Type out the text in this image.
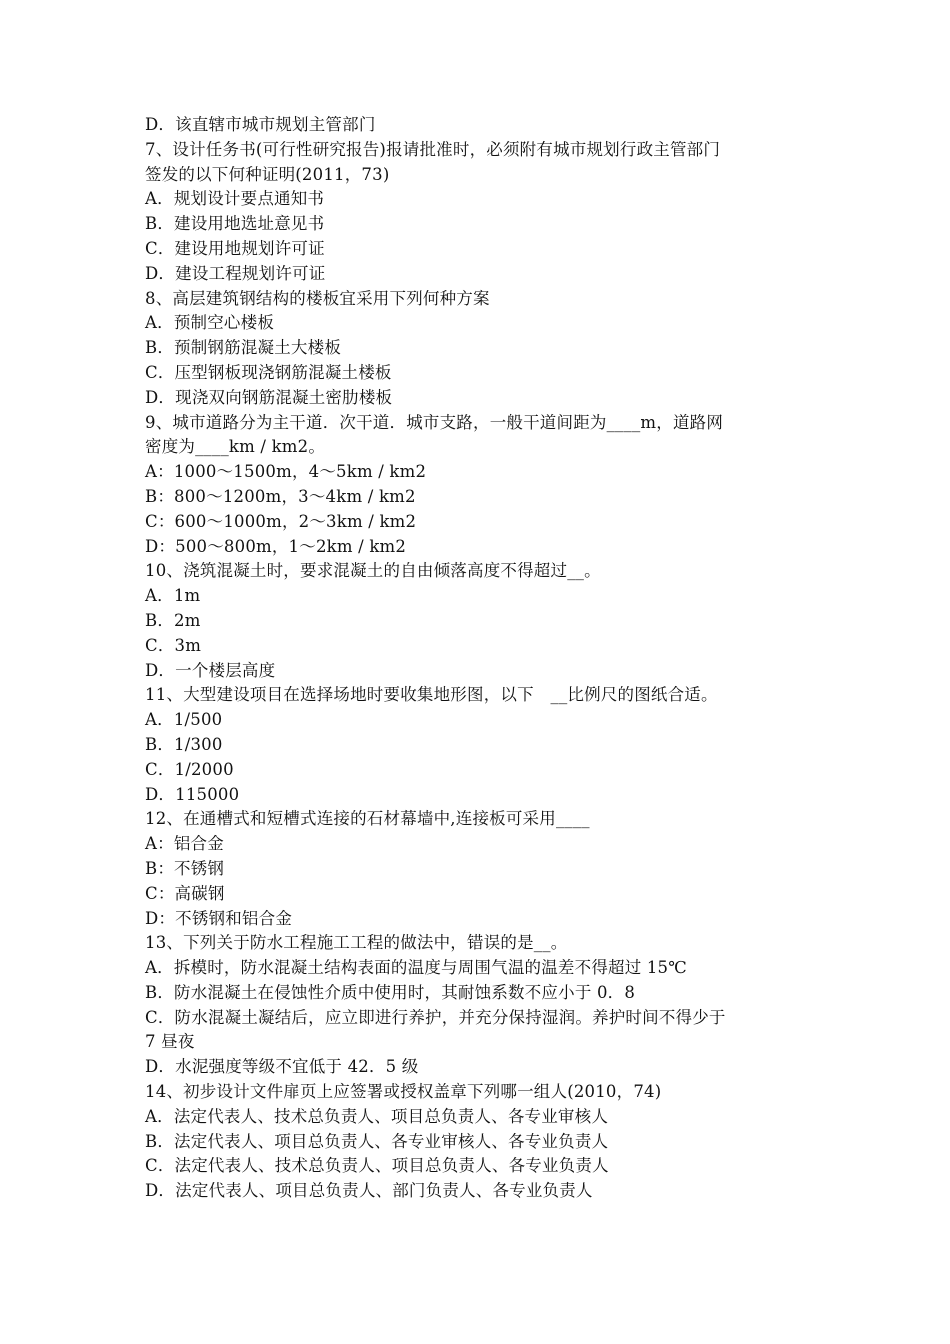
D．该直辖市城市规划主管部门
7、设计任务书(可行性研究报告)报请批准时，必须附有城市规划行政主管部门
签发的以下何种证明(2011，73)
A．规划设计要点通知书
B．建设用地选址意见书
C．建设用地规划许可证
D．建设工程规划许可证
8、高层建筑钢结构的楼板宜采用下列何种方案
A．预制空心楼板
B．预制钢筋混凝土大楼板
C．压型钢板现浇钢筋混凝土楼板
D．现浇双向钢筋混凝土密肋楼板
9、城市道路分为主干道．次干道．城市支路，一般干道间距为____m，道路网
密度为____km / km2。
A：1000～1500m，4～5km / km2
B：800～1200m，3～4km / km2
C：600～1000m，2～3km / km2
D：500～800m，1～2km / km2
10、浇筑混凝土时，要求混凝土的自由倾落高度不得超过__。
A．1m
B．2m
C．3m
D．一个楼层高度
11、大型建设项目在选择场地时要收集地形图，以下　__比例尺的图纸合适。
A．1/500
B．1/300
C．1/2000
D．115000
12、在通槽式和短槽式连接的石材幕墙中,连接板可采用____
A：铝合金
B：不锈钢
C：高碳钢
D：不锈钢和铝合金
13、下列关于防水工程施工工程的做法中，错误的是__。
A．拆模时，防水混凝土结构表面的温度与周围气温的温差不得超过 15℃
B．防水混凝土在侵蚀性介质中使用时，其耐蚀系数不应小于 0．8
C．防水混凝土凝结后，应立即进行养护，并充分保持湿润。养护时间不得少于
7 昼夜
D．水泥强度等级不宜低于 42．5 级
14、初步设计文件扉页上应签署或授权盖章下列哪一组人(2010，74)
A．法定代表人、技术总负责人、项目总负责人、各专业审核人
B．法定代表人、项目总负责人、各专业审核人、各专业负责人
C．法定代表人、技术总负责人、项目总负责人、各专业负责人
D．法定代表人、项目总负责人、部门负责人、各专业负责人
